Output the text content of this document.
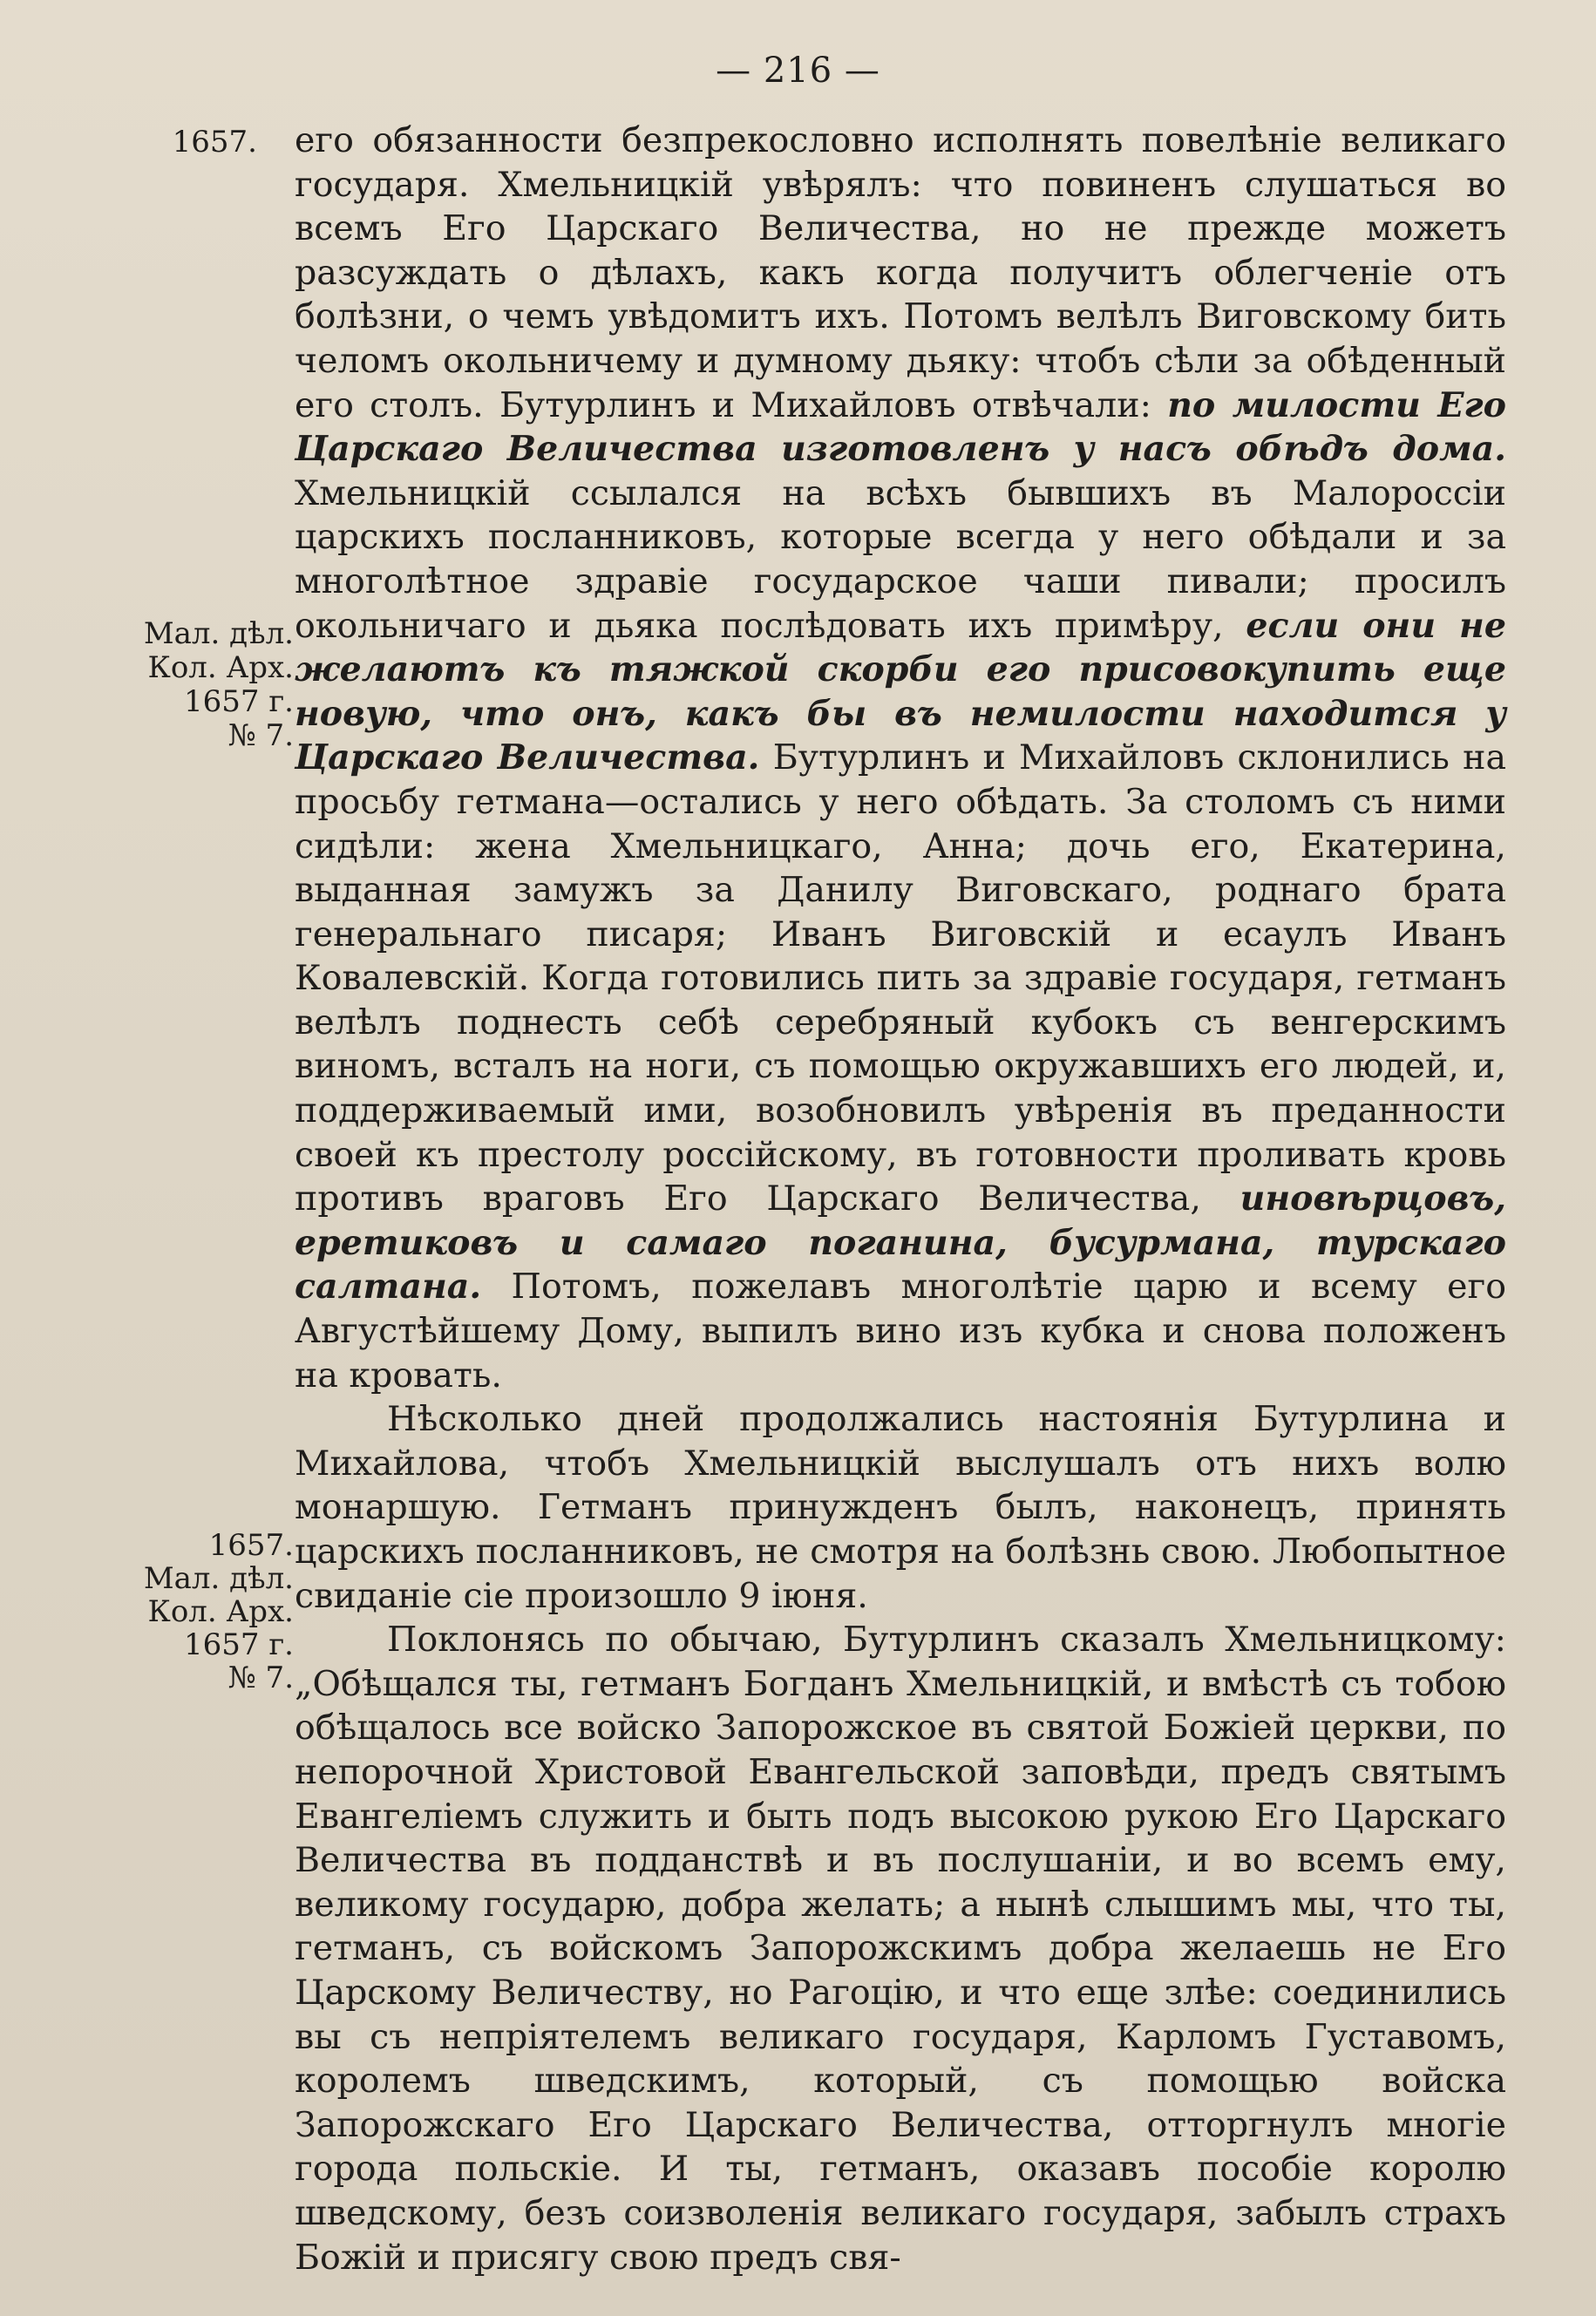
— 216 —
1657.
Мал. дѣл.
Кол. Арх.
1657 г.
№ 7.
1657.
Мал. дѣл.
Кол. Арх.
1657 г.
№ 7.

его обязанности безпрекословно исполнять повелѣніе великаго государя. Хмельницкій увѣрялъ: что повиненъ слушаться во всемъ Его Царскаго Величества, но не прежде можетъ разсуждать о дѣлахъ, какъ когда получитъ облегченіе отъ болѣзни, о чемъ увѣдомитъ ихъ. Потомъ велѣлъ Виговскому бить челомъ окольничему и думному дьяку: чтобъ сѣли за обѣденный его столъ. Бутурлинъ и Михайловъ отвѣчали: по милости Его Царскаго Величества изготовленъ у насъ обѣдъ дома. Хмельницкій ссылался на всѣхъ бывшихъ въ Малороссіи царскихъ посланниковъ, которые всегда у него обѣдали и за многолѣтное здравіе государское чаши пивали; просилъ окольничаго и дьяка послѣдовать ихъ примѣру, если они не желаютъ къ тяжкой скорби его присовокупить еще новую, что онъ, какъ бы въ немилости находится у Царскаго Величества. Бутурлинъ и Михайловъ склонились на просьбу гетмана—остались у него обѣдать. За столомъ съ ними сидѣли: жена Хмельницкаго, Анна; дочь его, Екатерина, выданная замужъ за Данилу Виговскаго, роднаго брата генеральнаго писаря; Иванъ Виговскій и есаулъ Иванъ Ковалевскій. Когда готовились пить за здравіе государя, гетманъ велѣлъ поднесть себѣ серебряный кубокъ съ венгерскимъ виномъ, всталъ на ноги, съ помощью окружавшихъ его людей, и, поддерживаемый ими, возобновилъ увѣренія въ преданности своей къ престолу россійскому, въ готовности проливать кровь противъ враговъ Его Царскаго Величества, иновѣрцовъ, еретиковъ и самаго поганина, бусурмана, турскаго салтана. Потомъ, пожелавъ многолѣтіе царю и всему его Августѣйшему Дому, выпилъ вино изъ кубка и снова положенъ на кровать.

Нѣсколько дней продолжались настоянія Бутурлина и Михайлова, чтобъ Хмельницкій выслушалъ отъ нихъ волю монаршую. Гетманъ принужденъ былъ, наконецъ, принять царскихъ посланниковъ, не смотря на болѣзнь свою. Любопытное свиданіе сіе произошло 9 іюня.

Поклонясь по обычаю, Бутурлинъ сказалъ Хмельницкому: „Обѣщался ты, гетманъ Богданъ Хмельницкій, и вмѣстѣ съ тобою обѣщалось все войско Запорожское въ святой Божіей церкви, по непорочной Христовой Евангельской заповѣди, предъ святымъ Евангеліемъ служить и быть подъ высокою рукою Его Царскаго Величества въ подданствѣ и въ послушаніи, и во всемъ ему, великому государю, добра желать; а нынѣ слышимъ мы, что ты, гетманъ, съ войскомъ Запорожскимъ добра желаешь не Его Царскому Величеству, но Рагоцію, и что еще злѣе: соединились вы съ непріятелемъ великаго государя, Карломъ Густавомъ, королемъ шведскимъ, который, съ помощью войска Запорожскаго Его Царскаго Величества, отторгнулъ многіе города польскіе. И ты, гетманъ, оказавъ пособіе королю шведскому, безъ соизволенія великаго государя, забылъ страхъ Божій и присягу свою предъ свя-
